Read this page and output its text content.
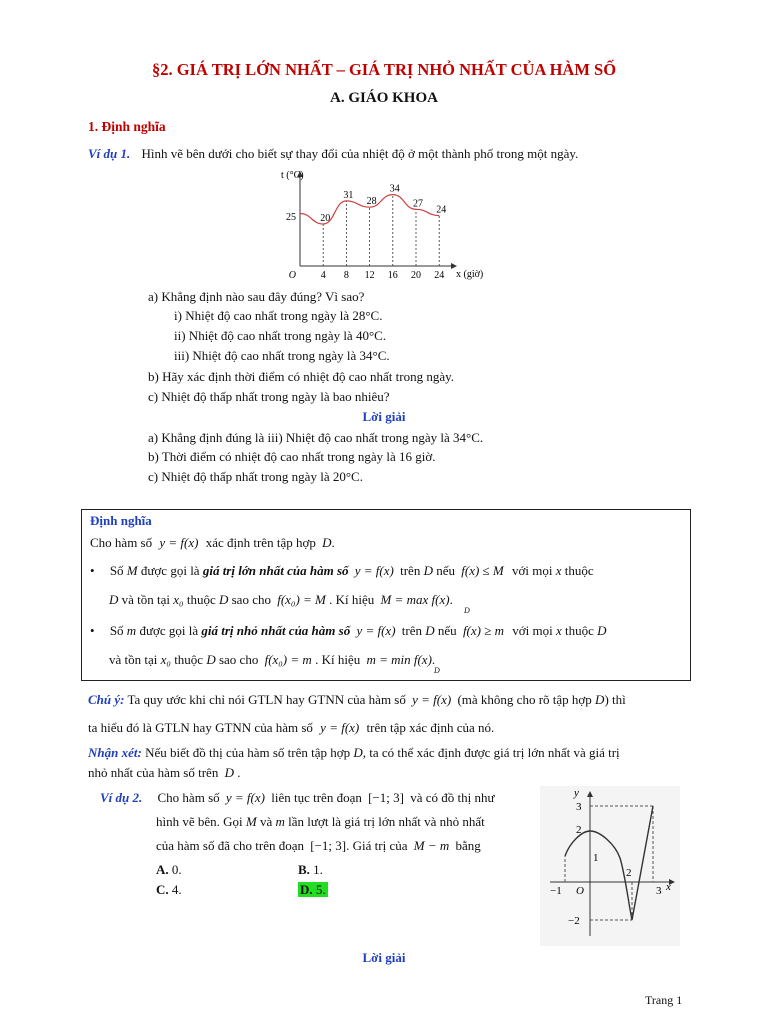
§2. GIÁ TRỊ LỚN NHẤT – GIÁ TRỊ NHỎ NHẤT CỦA HÀM SỐ
A. GIÁO KHOA
1. Định nghĩa
Ví dụ 1. Hình vẽ bên dưới cho biết sự thay đổi của nhiệt độ ở một thành phố trong một ngày.
4
20
8
31
12
28
16
34
20
27
24
24
O
t (°C)
x (giờ)
25
a) Khẳng định nào sau đây đúng? Vì sao?
i) Nhiệt độ cao nhất trong ngày là 28°C.
ii) Nhiệt độ cao nhất trong ngày là 40°C.
iii) Nhiệt độ cao nhất trong ngày là 34°C.
b) Hãy xác định thời điểm có nhiệt độ cao nhất trong ngày.
c) Nhiệt độ thấp nhất trong ngày là bao nhiêu?
Lời giải
a) Khẳng định đúng là iii) Nhiệt độ cao nhất trong ngày là 34°C.
b) Thời điểm có nhiệt độ cao nhất trong ngày là 16 giờ.
c) Nhiệt độ thấp nhất trong ngày là 20°C.
Định nghĩa
Cho hàm số y = f(x) xác định trên tập hợp D.
• Số M được gọi là giá trị lớn nhất của hàm số y = f(x) trên D nếu f(x) ≤ M với mọi x thuộc
D và tồn tại x₀ thuộc D sao cho f(x₀) = M . Kí hiệu M = max f(x).
D
• Số m được gọi là giá trị nhỏ nhất của hàm số y = f(x) trên D nếu f(x) ≥ m với mọi x thuộc D
và tồn tại x₀ thuộc D sao cho f(x₀) = m . Kí hiệu m = min f(x).
D
Chú ý: Ta quy ước khi chỉ nói GTLN hay GTNN của hàm số y = f(x) (mà không cho rõ tập hợp D) thì
ta hiểu đó là GTLN hay GTNN của hàm số y = f(x) trên tập xác định của nó.
Nhận xét: Nếu biết đồ thị của hàm số trên tập hợp D, ta có thể xác định được giá trị lớn nhất và giá trị
nhỏ nhất của hàm số trên D .
Ví dụ 2. Cho hàm số y = f(x) liên tục trên đoạn [−1; 3] và có đồ thị như
hình vẽ bên. Gọi M và m lần lượt là giá trị lớn nhất và nhỏ nhất
của hàm số đã cho trên đoạn [−1; 3]. Giá trị của M − m bằng
A. 0.	B. 1.
C. 4.	D. 5.
y
x
O
3
2
1
−2
−1
2
3
Lời giải
Trang 1
